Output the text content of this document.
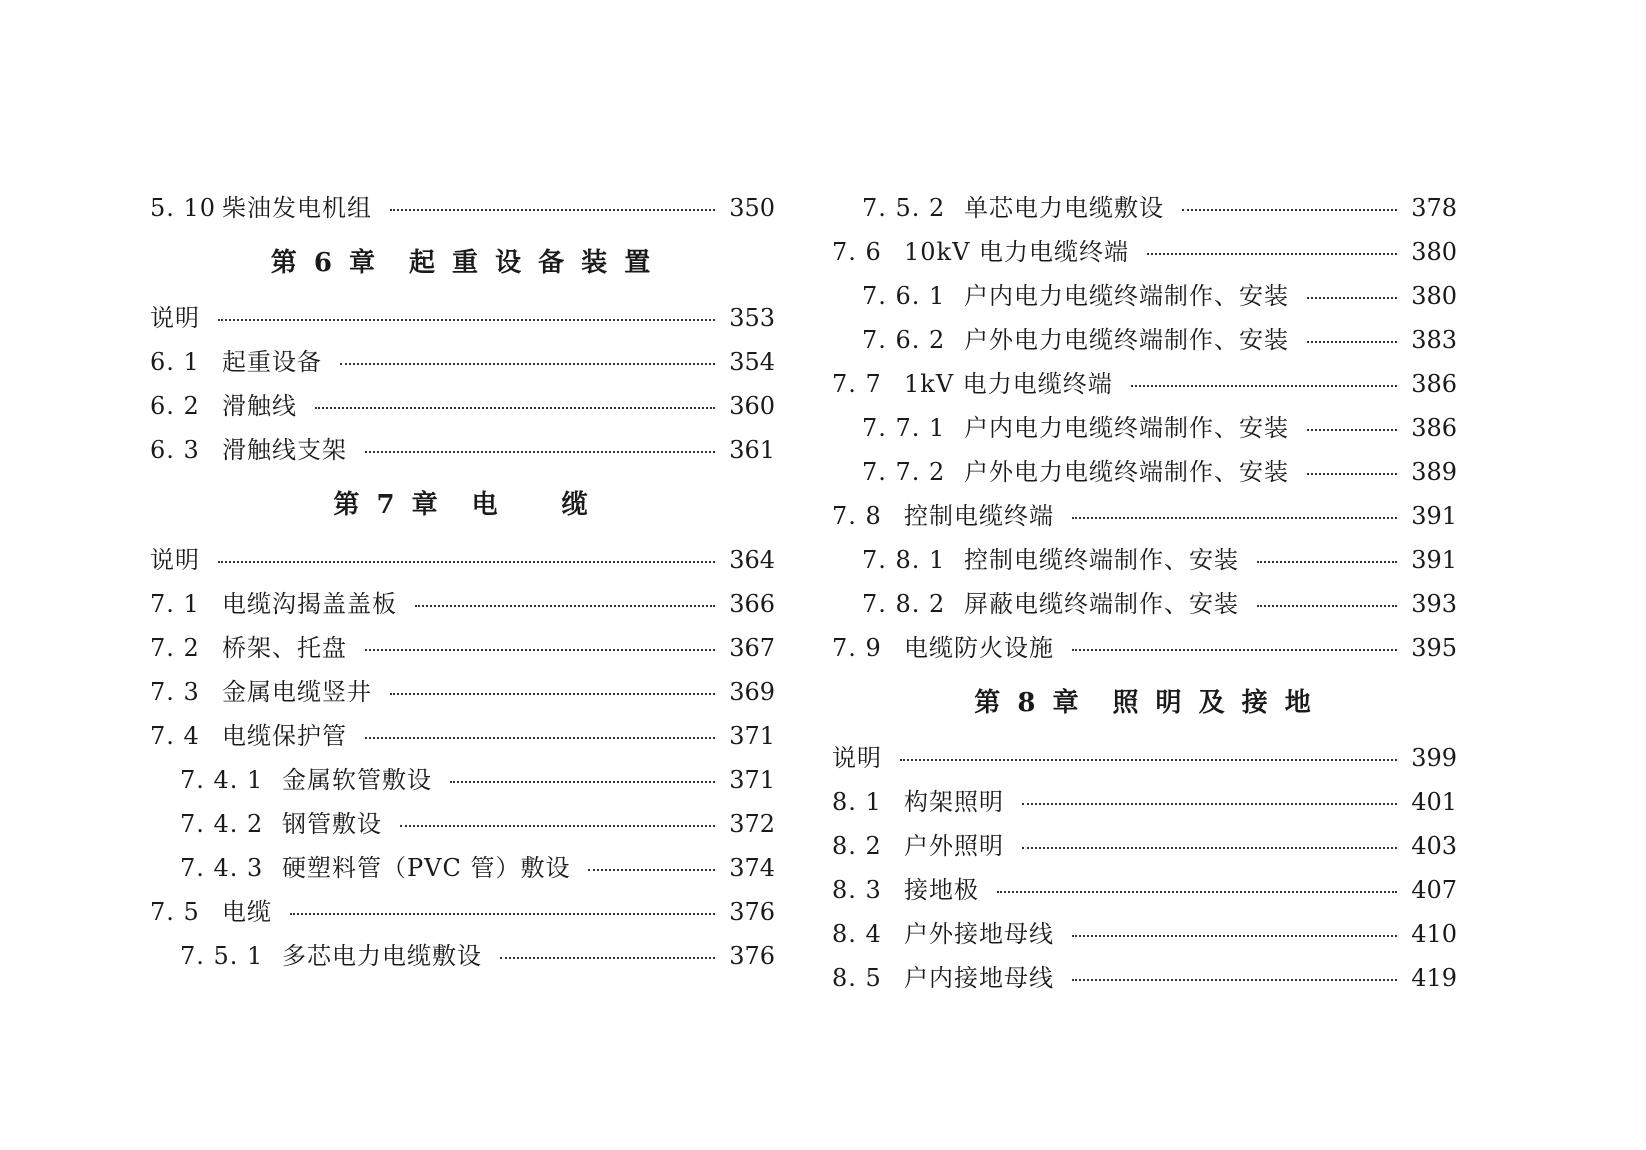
5. 10 柴油发电机组	350
第 6 章　起 重 设 备 装 置
说明	353
6. 1 起重设备	354
6. 2 滑触线	360
6. 3 滑触线支架	361
第 7 章　电　　缆
说明	364
7. 1 电缆沟揭盖盖板	366
7. 2 桥架、托盘	367
7. 3 金属电缆竖井	369
7. 4 电缆保护管	371
7. 4. 1 金属软管敷设	371
7. 4. 2 钢管敷设	372
7. 4. 3 硬塑料管（PVC 管）敷设	374
7. 5 电缆	376
7. 5. 1 多芯电力电缆敷设	376
7. 5. 2 单芯电力电缆敷设	378
7. 6 10kV 电力电缆终端	380
7. 6. 1 户内电力电缆终端制作、安装	380
7. 6. 2 户外电力电缆终端制作、安装	383
7. 7 1kV 电力电缆终端	386
7. 7. 1 户内电力电缆终端制作、安装	386
7. 7. 2 户外电力电缆终端制作、安装	389
7. 8 控制电缆终端	391
7. 8. 1 控制电缆终端制作、安装	391
7. 8. 2 屏蔽电缆终端制作、安装	393
7. 9 电缆防火设施	395
第 8 章　照 明 及 接 地
说明	399
8. 1 构架照明	401
8. 2 户外照明	403
8. 3 接地极	407
8. 4 户外接地母线	410
8. 5 户内接地母线	419
